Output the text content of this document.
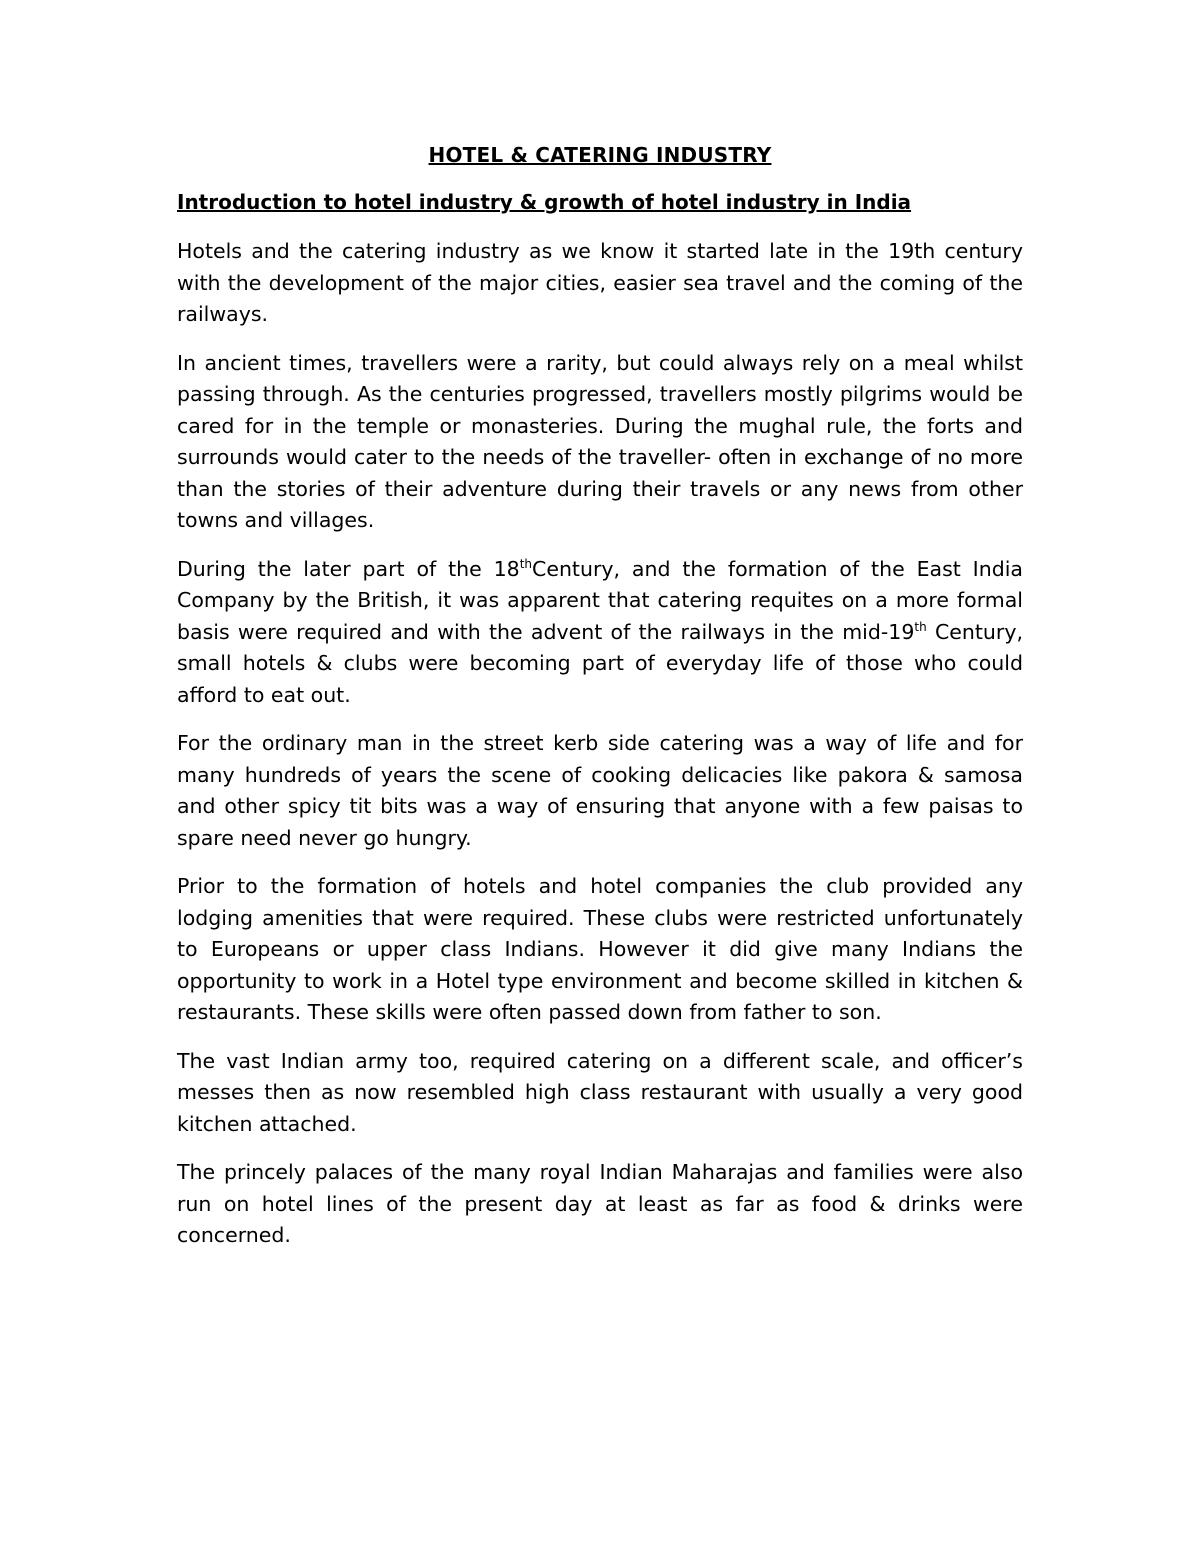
HOTEL & CATERING INDUSTRY
Introduction to hotel industry & growth of hotel industry in India

Hotels and the catering industry as we know it started late in the 19th century with the development of the major cities, easier sea travel and the coming of the railways.

In ancient times, travellers were a rarity, but could always rely on a meal whilst passing through. As the centuries progressed, travellers mostly pilgrims would be cared for in the temple or monasteries. During the mughal rule, the forts and surrounds would cater to the needs of the traveller- often in exchange of no more than the stories of their adventure during their travels or any news from other towns and villages.

During the later part of the 18thCentury, and the formation of the East India Company by the British, it was apparent that catering requites on a more formal basis were required and with the advent of the railways in the mid-19th Century, small hotels & clubs were becoming part of everyday life of those who could afford to eat out.

For the ordinary man in the street kerb side catering was a way of life and for many hundreds of years the scene of cooking delicacies like pakora & samosa and other spicy tit bits was a way of ensuring that anyone with a few paisas to spare need never go hungry.

Prior to the formation of hotels and hotel companies the club provided any lodging amenities that were required. These clubs were restricted unfortunately to Europeans or upper class Indians. However it did give many Indians the opportunity to work in a Hotel type environment and become skilled in kitchen & restaurants. These skills were often passed down from father to son.

The vast Indian army too, required catering on a different scale, and officer’s messes then as now resembled high class restaurant with usually a very good kitchen attached.

The princely palaces of the many royal Indian Maharajas and families were also run on hotel lines of the present day at least as far as food & drinks were concerned.
